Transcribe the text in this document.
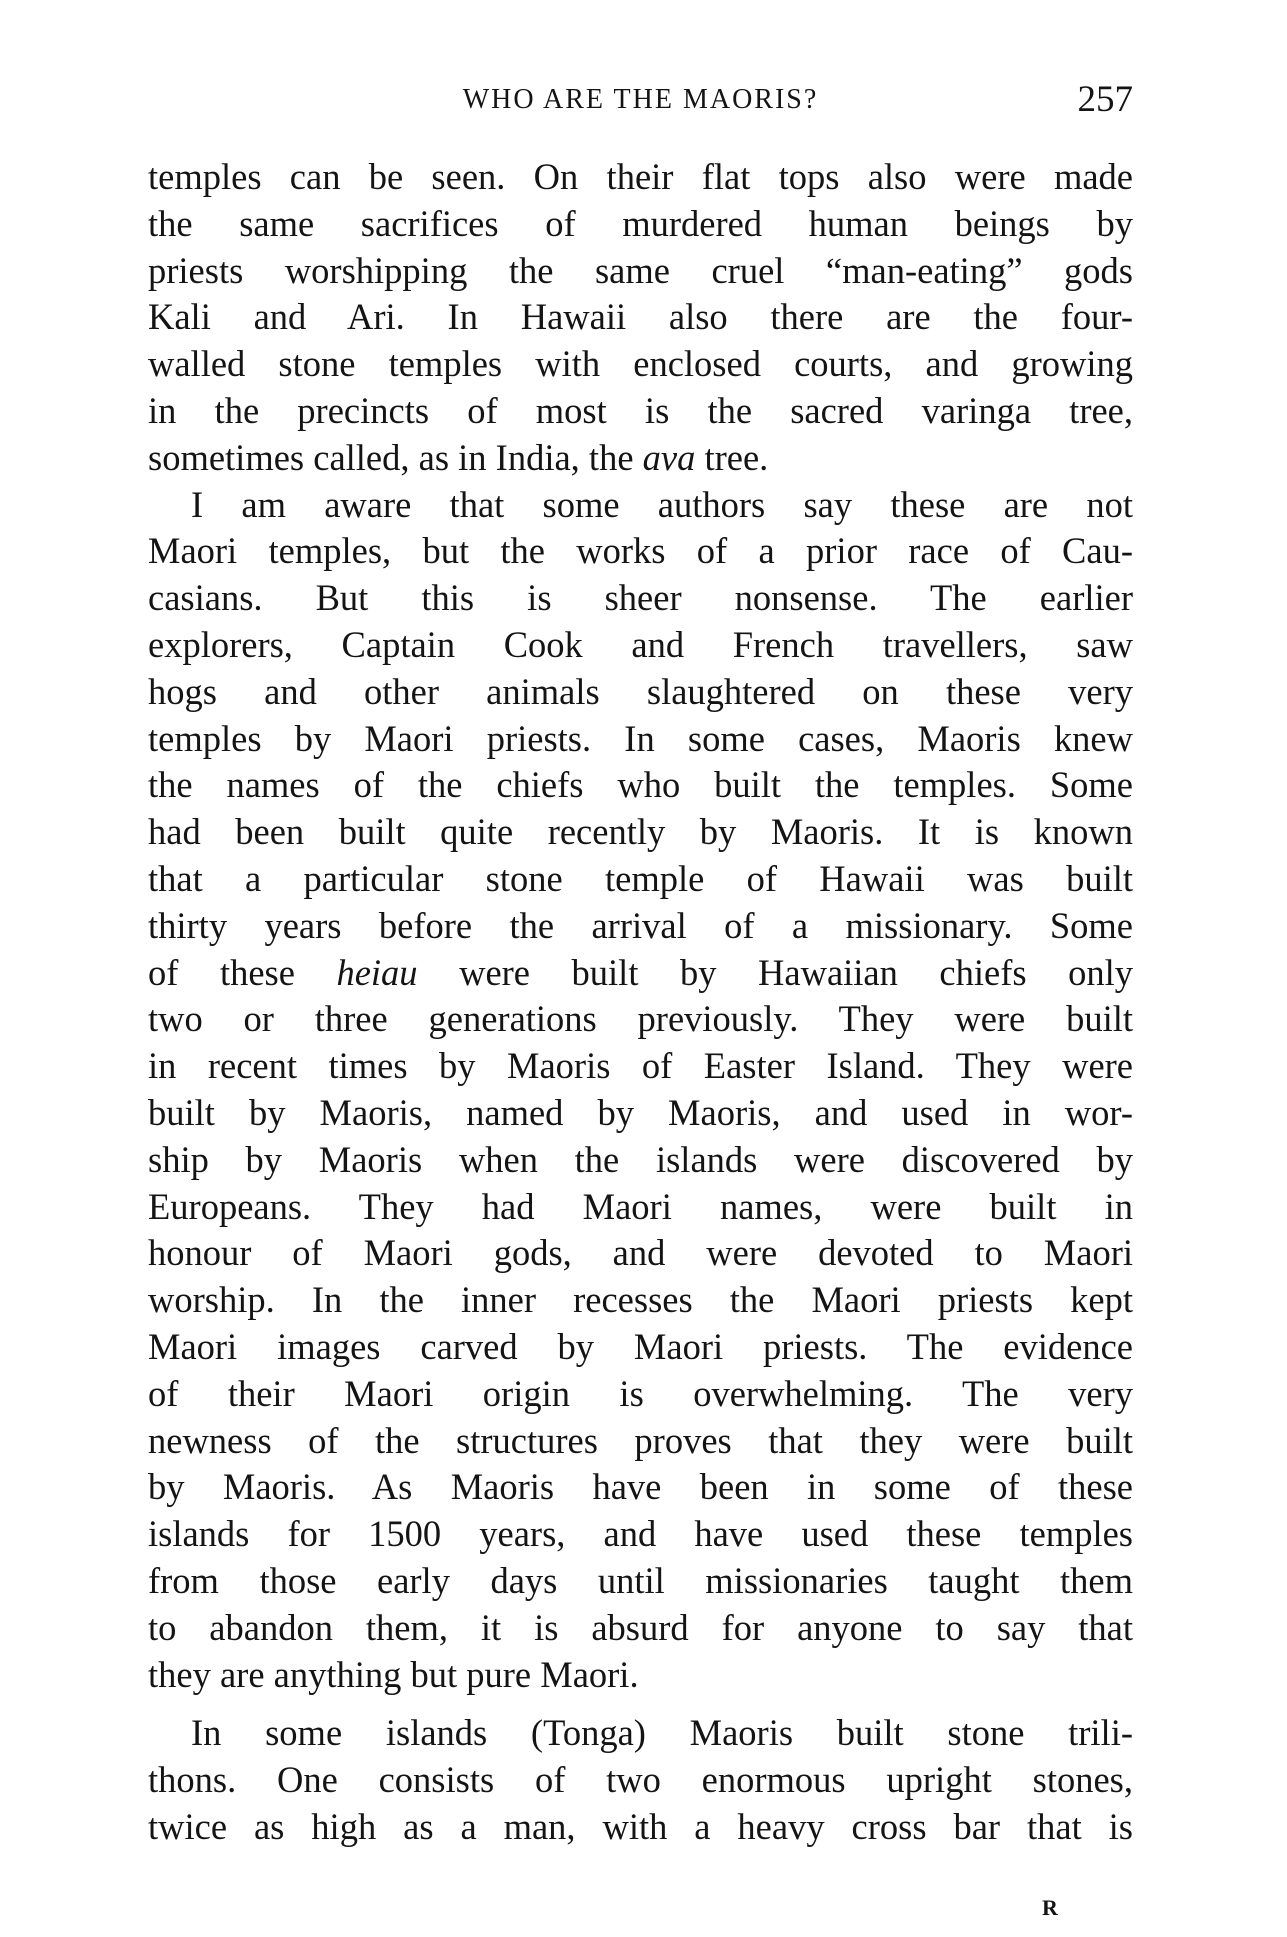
WHO ARE THE MAORIS?	257
temples can be seen. On their flat tops also were made
the same sacrifices of murdered human beings by
priests worshipping the same cruel “man-eating” gods
Kali and Ari. In Hawaii also there are the four-
walled stone temples with enclosed courts, and growing
in the precincts of most is the sacred varinga tree,
sometimes called, as in India, the ava tree.
I am aware that some authors say these are not
Maori temples, but the works of a prior race of Cau-
casians. But this is sheer nonsense. The earlier
explorers, Captain Cook and French travellers, saw
hogs and other animals slaughtered on these very
temples by Maori priests. In some cases, Maoris knew
the names of the chiefs who built the temples. Some
had been built quite recently by Maoris. It is known
that a particular stone temple of Hawaii was built
thirty years before the arrival of a missionary. Some
of these heiau were built by Hawaiian chiefs only
two or three generations previously. They were built
in recent times by Maoris of Easter Island. They were
built by Maoris, named by Maoris, and used in wor-
ship by Maoris when the islands were discovered by
Europeans. They had Maori names, were built in
honour of Maori gods, and were devoted to Maori
worship. In the inner recesses the Maori priests kept
Maori images carved by Maori priests. The evidence
of their Maori origin is overwhelming. The very
newness of the structures proves that they were built
by Maoris. As Maoris have been in some of these
islands for 1500 years, and have used these temples
from those early days until missionaries taught them
to abandon them, it is absurd for anyone to say that
they are anything but pure Maori.
In some islands (Tonga) Maoris built stone trili-
thons. One consists of two enormous upright stones,
twice as high as a man, with a heavy cross bar that is
R
